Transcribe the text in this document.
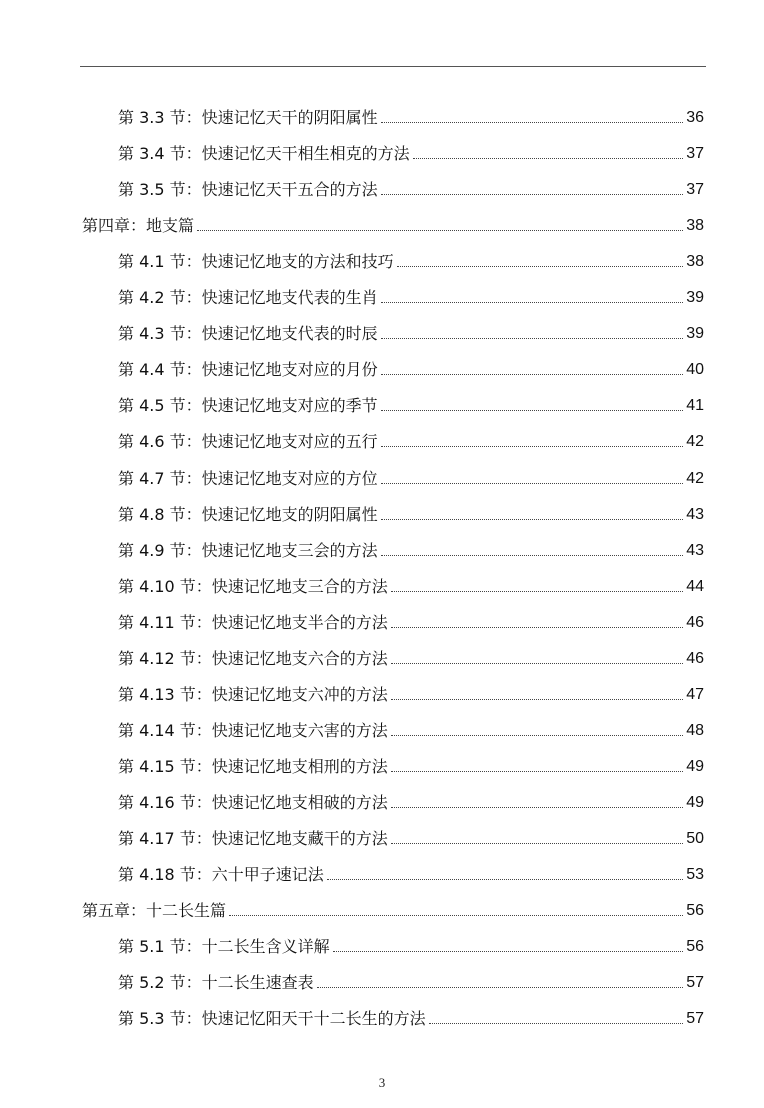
第 3.3 节：快速记忆天干的阴阳属性	36
第 3.4 节：快速记忆天干相生相克的方法	37
第 3.5 节：快速记忆天干五合的方法	37
第四章：地支篇	38
第 4.1 节：快速记忆地支的方法和技巧	38
第 4.2 节：快速记忆地支代表的生肖	39
第 4.3 节：快速记忆地支代表的时辰	39
第 4.4 节：快速记忆地支对应的月份	40
第 4.5 节：快速记忆地支对应的季节	41
第 4.6 节：快速记忆地支对应的五行	42
第 4.7 节：快速记忆地支对应的方位	42
第 4.8 节：快速记忆地支的阴阳属性	43
第 4.9 节：快速记忆地支三会的方法	43
第 4.10 节：快速记忆地支三合的方法	44
第 4.11 节：快速记忆地支半合的方法	46
第 4.12 节：快速记忆地支六合的方法	46
第 4.13 节：快速记忆地支六冲的方法	47
第 4.14 节：快速记忆地支六害的方法	48
第 4.15 节：快速记忆地支相刑的方法	49
第 4.16 节：快速记忆地支相破的方法	49
第 4.17 节：快速记忆地支藏干的方法	50
第 4.18 节：六十甲子速记法	53
第五章：十二长生篇	56
第 5.1 节：十二长生含义详解	56
第 5.2 节：十二长生速查表	57
第 5.3 节：快速记忆阳天干十二长生的方法	57
3
